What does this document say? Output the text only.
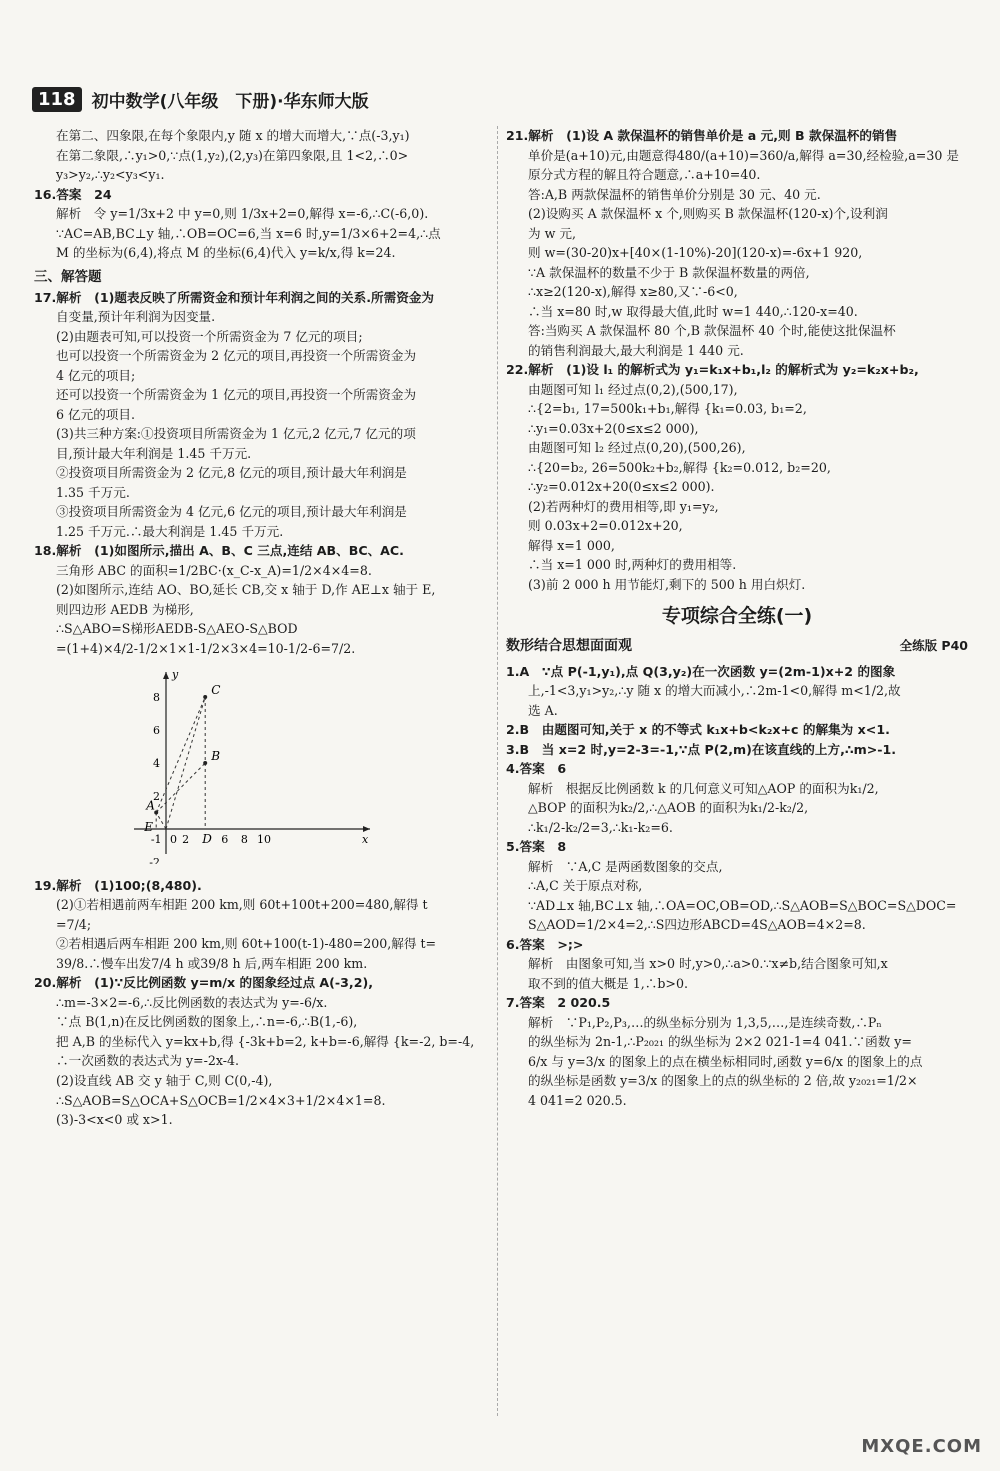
118 初中数学(八年级　下册)·华东师大版
在第二、四象限,在每个象限内,y 随 x 的增大而增大,∵点(-3,y₁)
在第二象限,∴y₁>0,∵点(1,y₂),(2,y₃)在第四象限,且 1<2,∴0>
y₃>y₂,∴y₂<y₃<y₁.
16.答案　24
解析　令 y=1/3x+2 中 y=0,则 1/3x+2=0,解得 x=-6,∴C(-6,0).
∵AC=AB,BC⊥y 轴,∴OB=OC=6,当 x=6 时,y=1/3×6+2=4,∴点
M 的坐标为(6,4),将点 M 的坐标(6,4)代入 y=k/x,得 k=24.
三、解答题
17.解析　(1)题表反映了所需资金和预计年利润之间的关系.所需资金为
自变量,预计年利润为因变量.
(2)由题表可知,可以投资一个所需资金为 7 亿元的项目;
也可以投资一个所需资金为 2 亿元的项目,再投资一个所需资金为
4 亿元的项目;
还可以投资一个所需资金为 1 亿元的项目,再投资一个所需资金为
6 亿元的项目.
(3)共三种方案:①投资项目所需资金为 1 亿元,2 亿元,7 亿元的项
目,预计最大年利润是 1.45 千万元.
②投资项目所需资金为 2 亿元,8 亿元的项目,预计最大年利润是
1.35 千万元.
③投资项目所需资金为 4 亿元,6 亿元的项目,预计最大年利润是
1.25 千万元.∴最大利润是 1.45 千万元.
18.解析　(1)如图所示,描出 A、B、C 三点,连结 AB、BC、AC.
三角形 ABC 的面积=1/2BC·(x_C-x_A)=1/2×4×4=8.
(2)如图所示,连结 AO、BO,延长 CB,交 x 轴于 D,作 AE⊥x 轴于 E,
则四边形 AEDB 为梯形,
∴S△ABO=S梯形AEDB-S△AEO-S△BOD
=(1+4)×4/2-1/2×1×1-1/2×3×4=10-1/2-6=7/2.
-1 2	6 8 10
2
4
6
8
-2
0	x
y
A
E
B
C
D
19.解析　(1)100;(8,480).
(2)①若相遇前两车相距 200 km,则 60t+100t+200=480,解得 t
=7/4;
②若相遇后两车相距 200 km,则 60t+100(t-1)-480=200,解得 t=
39/8.∴慢车出发7/4 h 或39/8 h 后,两车相距 200 km.
20.解析　(1)∵反比例函数 y=m/x 的图象经过点 A(-3,2),
∴m=-3×2=-6,∴反比例函数的表达式为 y=-6/x.
∵点 B(1,n)在反比例函数的图象上,∴n=-6,∴B(1,-6),
把 A,B 的坐标代入 y=kx+b,得 {-3k+b=2, k+b=-6,解得 {k=-2, b=-4,
∴一次函数的表达式为 y=-2x-4.
(2)设直线 AB 交 y 轴于 C,则 C(0,-4),
∴S△AOB=S△OCA+S△OCB=1/2×4×3+1/2×4×1=8.
(3)-3<x<0 或 x>1.
21.解析　(1)设 A 款保温杯的销售单价是 a 元,则 B 款保温杯的销售
单价是(a+10)元,由题意得480/(a+10)=360/a,解得 a=30,经检验,a=30 是
原分式方程的解且符合题意,∴a+10=40.
答:A,B 两款保温杯的销售单价分别是 30 元、40 元.
(2)设购买 A 款保温杯 x 个,则购买 B 款保温杯(120-x)个,设利润
为 w 元,
则 w=(30-20)x+[40×(1-10%)-20](120-x)=-6x+1 920,
∵A 款保温杯的数量不少于 B 款保温杯数量的两倍,
∴x≥2(120-x),解得 x≥80,又∵-6<0,
∴当 x=80 时,w 取得最大值,此时 w=1 440,∴120-x=40.
答:当购买 A 款保温杯 80 个,B 款保温杯 40 个时,能使这批保温杯
的销售利润最大,最大利润是 1 440 元.
22.解析　(1)设 l₁ 的解析式为 y₁=k₁x+b₁,l₂ 的解析式为 y₂=k₂x+b₂,
由题图可知 l₁ 经过点(0,2),(500,17),
∴{2=b₁, 17=500k₁+b₁,解得 {k₁=0.03, b₁=2,
∴y₁=0.03x+2(0≤x≤2 000),
由题图可知 l₂ 经过点(0,20),(500,26),
∴{20=b₂, 26=500k₂+b₂,解得 {k₂=0.012, b₂=20,
∴y₂=0.012x+20(0≤x≤2 000).
(2)若两种灯的费用相等,即 y₁=y₂,
则 0.03x+2=0.012x+20,
解得 x=1 000,
∴当 x=1 000 时,两种灯的费用相等.
(3)前 2 000 h 用节能灯,剩下的 500 h 用白炽灯.
专项综合全练(一)
数形结合思想面面观	全练版 P40
1.A　∵点 P(-1,y₁),点 Q(3,y₂)在一次函数 y=(2m-1)x+2 的图象
上,-1<3,y₁>y₂,∴y 随 x 的增大而减小,∴2m-1<0,解得 m<1/2,故
选 A.
2.B　由题图可知,关于 x 的不等式 k₁x+b<k₂x+c 的解集为 x<1.
3.B　当 x=2 时,y=2-3=-1,∵点 P(2,m)在该直线的上方,∴m>-1.
4.答案　6
解析　根据反比例函数 k 的几何意义可知△AOP 的面积为k₁/2,
△BOP 的面积为k₂/2,∴△AOB 的面积为k₁/2-k₂/2,
∴k₁/2-k₂/2=3,∴k₁-k₂=6.
5.答案　8
解析　∵A,C 是两函数图象的交点,
∴A,C 关于原点对称,
∵AD⊥x 轴,BC⊥x 轴,∴OA=OC,OB=OD,∴S△AOB=S△BOC=S△DOC=
S△AOD=1/2×4=2,∴S四边形ABCD=4S△AOB=4×2=8.
6.答案　>;>
解析　由图象可知,当 x>0 时,y>0,∴a>0.∵x≠b,结合图象可知,x
取不到的值大概是 1,∴b>0.
7.答案　2 020.5
解析　∵P₁,P₂,P₃,…的纵坐标分别为 1,3,5,…,是连续奇数,∴Pₙ
的纵坐标为 2n-1,∴P₂₀₂₁ 的纵坐标为 2×2 021-1=4 041.∵函数 y=
6/x 与 y=3/x 的图象上的点在横坐标相同时,函数 y=6/x 的图象上的点
的纵坐标是函数 y=3/x 的图象上的点的纵坐标的 2 倍,故 y₂₀₂₁=1/2×
4 041=2 020.5.
MXQE.COM
